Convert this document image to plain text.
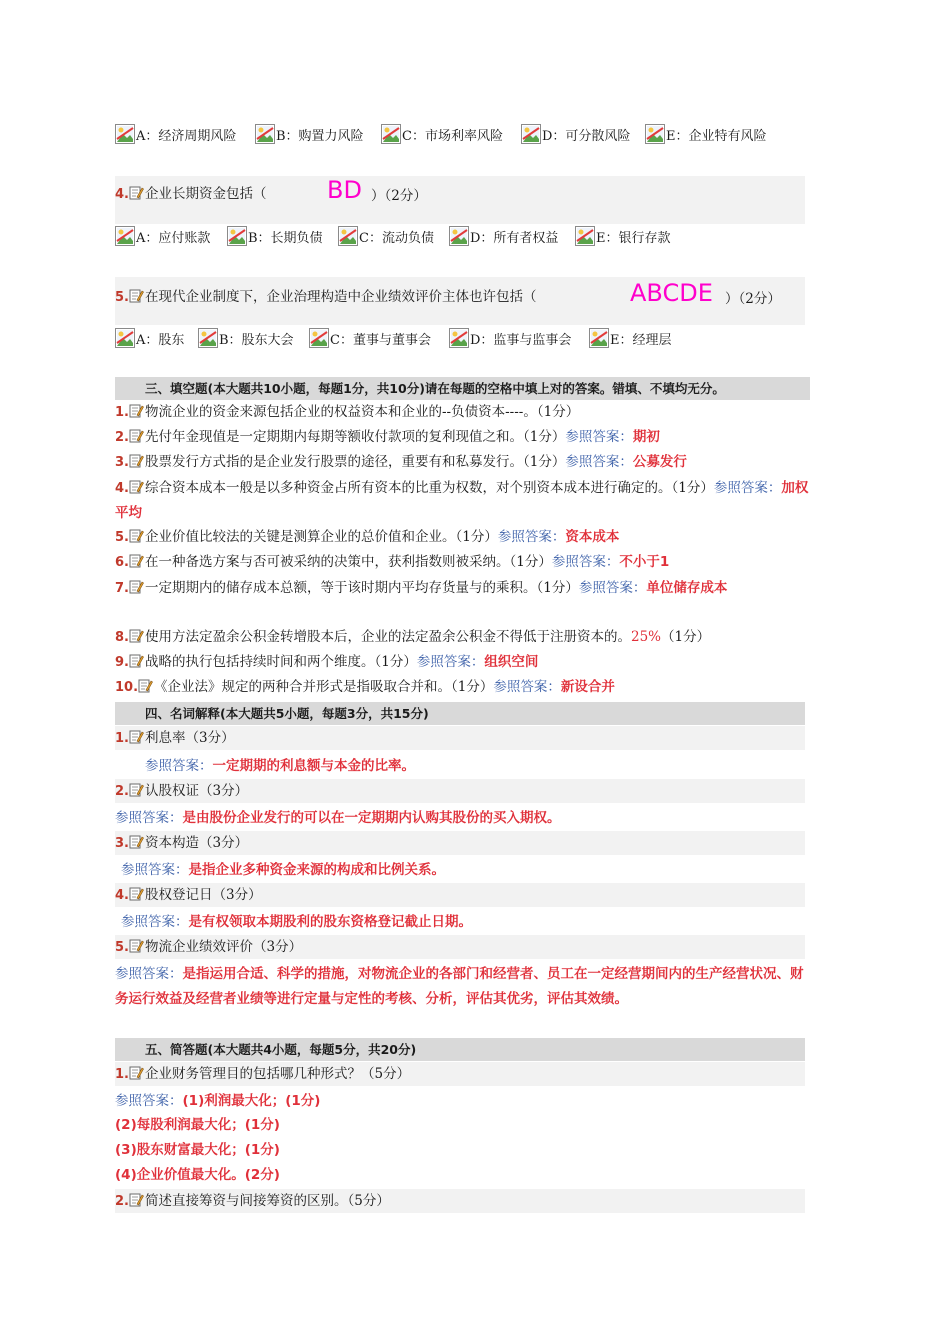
A：经济周期风险	B：购置力风险	C：市场利率风险	D：可分散风险	E：企业特有风险
4. 企业长期资金包括（	BD ）（2分）
A：应付账款	B：长期负债	C：流动负债	D：所有者权益	E：银行存款
5. 在现代企业制度下，企业治理构造中企业绩效评价主体也许包括（	ABCDE ）（2分）
A：股东	B：股东大会	C：董事与董事会	D：监事与监事会	E：经理层
三、填空题(本大题共10小题，每题1分，共10分)请在每题的空格中填上对的答案。错填、不填均无分。
1. 物流企业的资金来源包括企业的权益资本和企业的--负债资本----。（1分）
2. 先付年金现值是一定期期内每期等额收付款项的复利现值之和。（1分）参照答案：期初
3. 股票发行方式指的是企业发行股票的途径，重要有和私募发行。（1分）参照答案：公募发行
4. 综合资本成本一般是以多种资金占所有资本的比重为权数，对个别资本成本进行确定的。（1分）参照答案：加权平均
5. 企业价值比较法的关键是测算企业的总价值和企业。（1分）参照答案：资本成本
6. 在一种备选方案与否可被采纳的决策中，获利指数则被采纳。（1分）参照答案：不小于1
7. 一定期期内的储存成本总额，等于该时期内平均存货量与的乘积。（1分）参照答案：单位储存成本
8. 使用方法定盈余公积金转增股本后，企业的法定盈余公积金不得低于注册资本的。25%（1分）
9. 战略的执行包括持续时间和两个维度。（1分）参照答案：组织空间
10. 《企业法》规定的两种合并形式是指吸取合并和。（1分）参照答案：新设合并
四、名词解释(本大题共5小题，每题3分，共15分)
1. 利息率（3分）
参照答案：一定期期的利息额与本金的比率。
2. 认股权证（3分）
参照答案：是由股份企业发行的可以在一定期期内认购其股份的买入期权。
3. 资本构造（3分）
参照答案：是指企业多种资金来源的构成和比例关系。
4. 股权登记日（3分）
参照答案：是有权领取本期股利的股东资格登记截止日期。
5. 物流企业绩效评价（3分）
参照答案：是指运用合适、科学的措施，对物流企业的各部门和经营者、员工在一定经营期间内的生产经营状况、财务运行效益及经营者业绩等进行定量与定性的考核、分析，评估其优劣，评估其效绩。
五、简答题(本大题共4小题，每题5分，共20分)
1. 企业财务管理目的包括哪几种形式？（5分）
参照答案：(1)利润最大化；(1分)
(2)每股利润最大化；(1分)
(3)股东财富最大化；(1分)
(4)企业价值最大化。(2分)
2. 简述直接筹资与间接筹资的区别。（5分）
